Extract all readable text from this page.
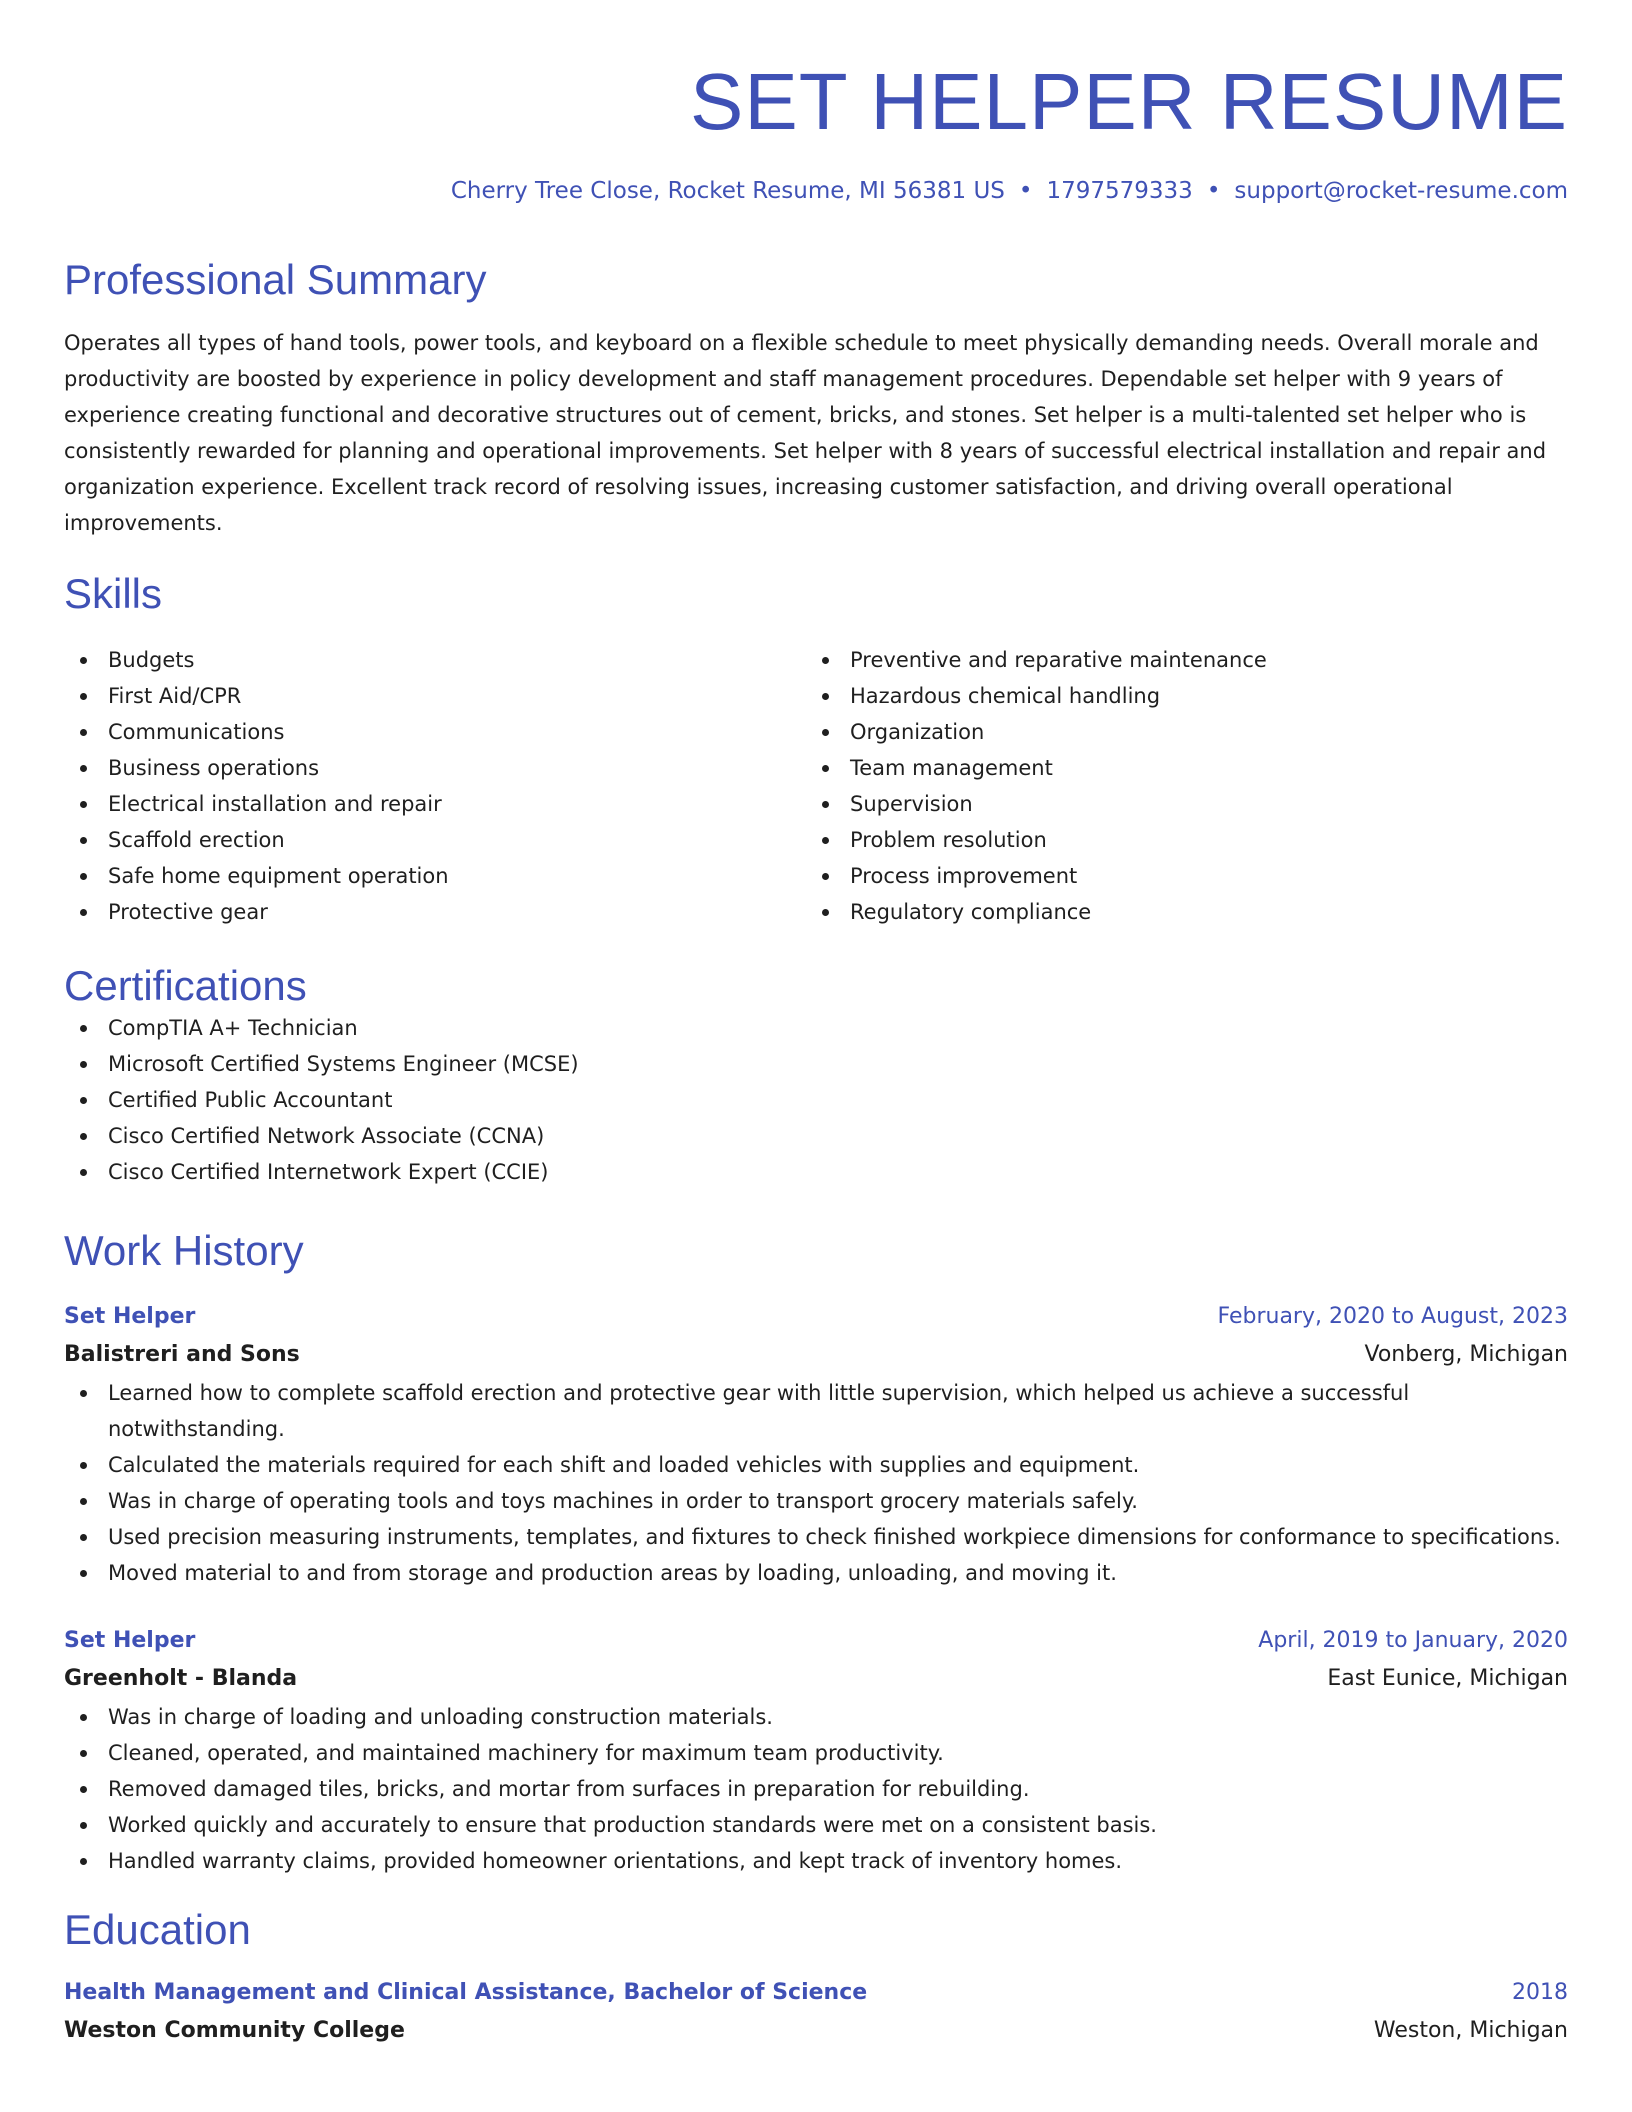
SET HELPER RESUME
Cherry Tree Close, Rocket Resume, MI 56381 US • 1797579333 • support@rocket-resume.com
Professional Summary
Operates all types of hand tools, power tools, and keyboard on a flexible schedule to meet physically demanding needs. Overall morale and productivity are boosted by experience in policy development and staff management procedures. Dependable set helper with 9 years of experience creating functional and decorative structures out of cement, bricks, and stones. Set helper is a multi-talented set helper who is consistently rewarded for planning and operational improvements. Set helper with 8 years of successful electrical installation and repair and organization experience. Excellent track record of resolving issues, increasing customer satisfaction, and driving overall operational improvements.
Skills
Budgets
First Aid/CPR
Communications
Business operations
Electrical installation and repair
Scaffold erection
Safe home equipment operation
Protective gear
Preventive and reparative maintenance
Hazardous chemical handling
Organization
Team management
Supervision
Problem resolution
Process improvement
Regulatory compliance
Certifications
CompTIA A+ Technician
Microsoft Certified Systems Engineer (MCSE)
Certified Public Accountant
Cisco Certified Network Associate (CCNA)
Cisco Certified Internetwork Expert (CCIE)
Work History
Set Helper	February, 2020 to August, 2023
Balistreri and Sons	Vonberg, Michigan
Learned how to complete scaffold erection and protective gear with little supervision, which helped us achieve a successful notwithstanding.
Calculated the materials required for each shift and loaded vehicles with supplies and equipment.
Was in charge of operating tools and toys machines in order to transport grocery materials safely.
Used precision measuring instruments, templates, and fixtures to check finished workpiece dimensions for conformance to specifications.
Moved material to and from storage and production areas by loading, unloading, and moving it.
Set Helper	April, 2019 to January, 2020
Greenholt - Blanda	East Eunice, Michigan
Was in charge of loading and unloading construction materials.
Cleaned, operated, and maintained machinery for maximum team productivity.
Removed damaged tiles, bricks, and mortar from surfaces in preparation for rebuilding.
Worked quickly and accurately to ensure that production standards were met on a consistent basis.
Handled warranty claims, provided homeowner orientations, and kept track of inventory homes.
Education
Health Management and Clinical Assistance, Bachelor of Science	2018
Weston Community College	Weston, Michigan
